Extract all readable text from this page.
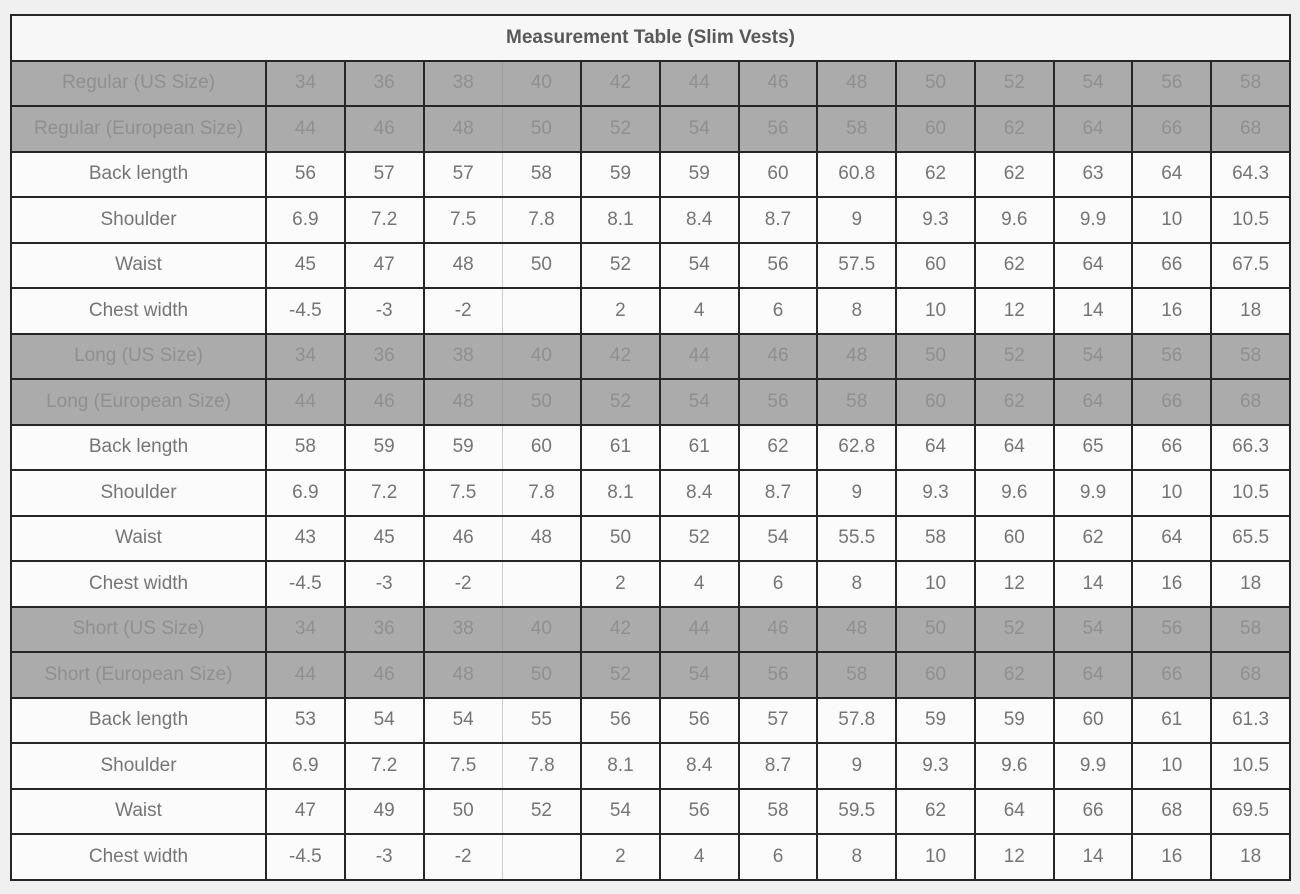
Measurement Table (Slim Vests)													
Regular (US Size)	34	36	38	40	42	44	46	48	50	52	54	56	58
Regular (European Size)	44	46	48	50	52	54	56	58	60	62	64	66	68
Back length	56	57	57	58	59	59	60	60.8	62	62	63	64	64.3
Shoulder	6.9	7.2	7.5	7.8	8.1	8.4	8.7	9	9.3	9.6	9.9	10	10.5
Waist	45	47	48	50	52	54	56	57.5	60	62	64	66	67.5
Chest width	-4.5	-3	-2		2	4	6	8	10	12	14	16	18
Long (US Size)	34	36	38	40	42	44	46	48	50	52	54	56	58
Long (European Size)	44	46	48	50	52	54	56	58	60	62	64	66	68
Back length	58	59	59	60	61	61	62	62.8	64	64	65	66	66.3
Shoulder	6.9	7.2	7.5	7.8	8.1	8.4	8.7	9	9.3	9.6	9.9	10	10.5
Waist	43	45	46	48	50	52	54	55.5	58	60	62	64	65.5
Chest width	-4.5	-3	-2		2	4	6	8	10	12	14	16	18
Short (US Size)	34	36	38	40	42	44	46	48	50	52	54	56	58
Short (European Size)	44	46	48	50	52	54	56	58	60	62	64	66	68
Back length	53	54	54	55	56	56	57	57.8	59	59	60	61	61.3
Shoulder	6.9	7.2	7.5	7.8	8.1	8.4	8.7	9	9.3	9.6	9.9	10	10.5
Waist	47	49	50	52	54	56	58	59.5	62	64	66	68	69.5
Chest width	-4.5	-3	-2		2	4	6	8	10	12	14	16	18
